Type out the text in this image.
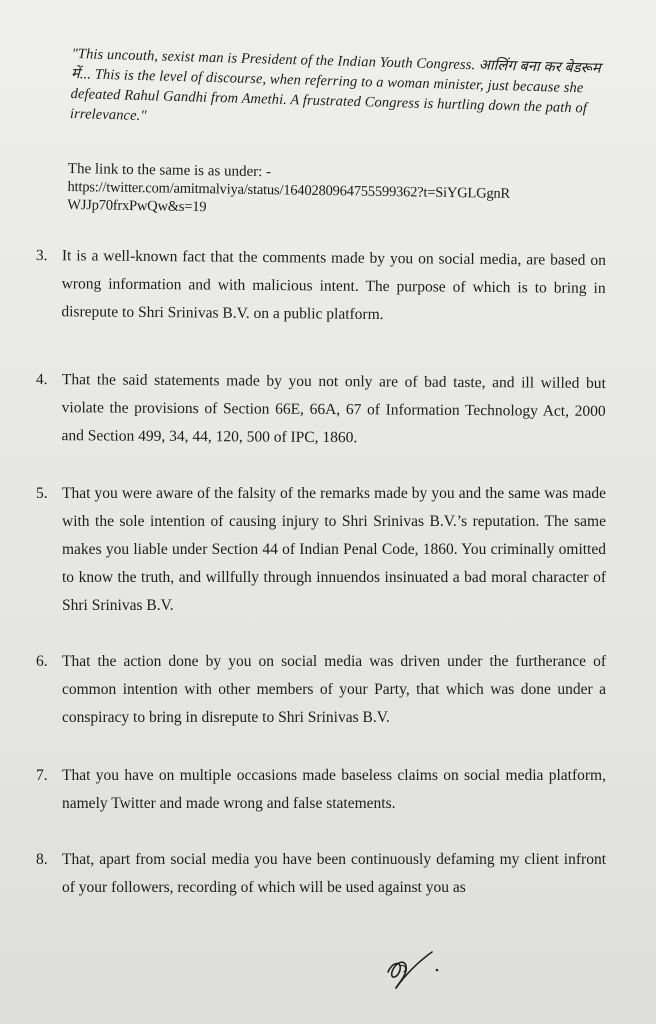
"This uncouth, sexist man is President of the Indian Youth Congress. आलिंग बना कर बेडरूम में... This is the level of discourse, when referring to a woman minister, just because she defeated Rahul Gandhi from Amethi. A frustrated Congress is hurtling down the path of irrelevance."
The link to the same is as under: -
https://twitter.com/amitmalviya/status/1640280964755599362?t=SiYGLGgnR
WJJp70frxPwQw&s=19
3. It is a well-known fact that the comments made by you on social media, are based on wrong information and with malicious intent. The purpose of which is to bring in disrepute to Shri Srinivas B.V. on a public platform.
4. That the said statements made by you not only are of bad taste, and ill willed but violate the provisions of Section 66E, 66A, 67 of Information Technology Act, 2000 and Section 499, 34, 44, 120, 500 of IPC, 1860.
5. That you were aware of the falsity of the remarks made by you and the same was made with the sole intention of causing injury to Shri Srinivas B.V.’s reputation. The same makes you liable under Section 44 of Indian Penal Code, 1860. You criminally omitted to know the truth, and willfully through innuendos insinuated a bad moral character of Shri Srinivas B.V.
6. That the action done by you on social media was driven under the furtherance of common intention with other members of your Party, that which was done under a conspiracy to bring in disrepute to Shri Srinivas B.V.
7. That you have on multiple occasions made baseless claims on social media platform, namely Twitter and made wrong and false statements.
8. That, apart from social media you have been continuously defaming my client infront of your followers, recording of which will be used against you as
